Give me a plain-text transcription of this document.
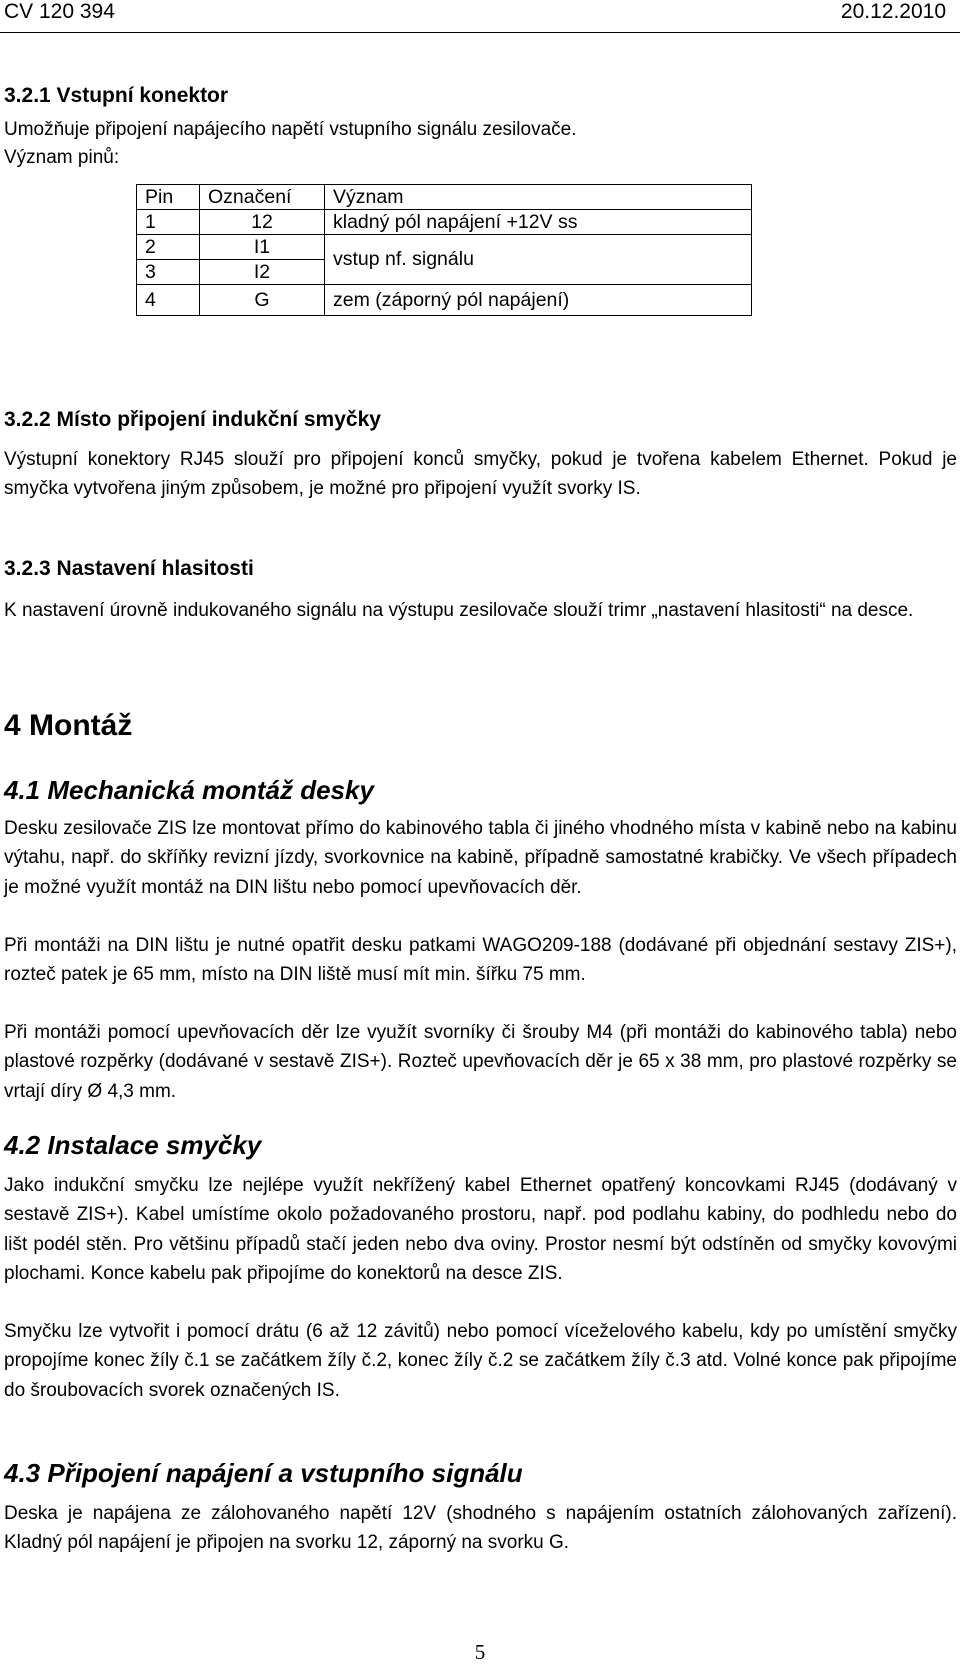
CV 120 394	20.12.2010
3.2.1 Vstupní konektor
Umožňuje připojení napájecího napětí vstupního signálu zesilovače.
Význam pinů:
Pin	Označení	Význam
1	12	kladný pól napájení +12V ss
2	I1	vstup nf. signálu
3	I2	
4	G	zem (záporný pól napájení)
3.2.2 Místo připojení indukční smyčky
Výstupní konektory RJ45 slouží pro připojení konců smyčky, pokud je tvořena kabelem Ethernet. Pokud je smyčka vytvořena jiným způsobem, je možné pro připojení využít svorky IS.
3.2.3 Nastavení hlasitosti
K nastavení úrovně indukovaného signálu na výstupu zesilovače slouží trimr „nastavení hlasitosti“ na desce.
4 Montáž
4.1 Mechanická montáž desky
Desku zesilovače ZIS lze montovat přímo do kabinového tabla či jiného vhodného místa v kabině nebo na kabinu výtahu, např. do skříňky revizní jízdy, svorkovnice na kabině, případně samostatné krabičky. Ve všech případech je možné využít montáž na DIN lištu nebo pomocí upevňovacích děr.
Při montáži na DIN lištu je nutné opatřit desku patkami WAGO209-188 (dodávané při objednání sestavy ZIS+), rozteč patek je 65 mm, místo na DIN liště musí mít min. šířku 75 mm.
Při montáži pomocí upevňovacích děr lze využít svorníky či šrouby M4 (při montáži do kabinového tabla) nebo plastové rozpěrky (dodávané v sestavě ZIS+). Rozteč upevňovacích děr je 65 x 38 mm, pro plastové rozpěrky se vrtají díry Ø 4,3 mm.
4.2 Instalace smyčky
Jako indukční smyčku lze nejlépe využít nekřížený kabel Ethernet opatřený koncovkami RJ45 (dodávaný v sestavě ZIS+). Kabel umístíme okolo požadovaného prostoru, např. pod podlahu kabiny, do podhledu nebo do lišt podél stěn. Pro většinu případů stačí jeden nebo dva oviny. Prostor nesmí být odstíněn od smyčky kovovými plochami. Konce kabelu pak připojíme do konektorů na desce ZIS.
Smyčku lze vytvořit i pomocí drátu (6 až 12 závitů) nebo pomocí víceželového kabelu, kdy po umístění smyčky propojíme konec žíly č.1 se začátkem žíly č.2, konec žíly č.2 se začátkem žíly č.3 atd. Volné konce pak připojíme do šroubovacích svorek označených IS.
4.3 Připojení napájení a vstupního signálu
Deska je napájena ze zálohovaného napětí 12V (shodného s napájením ostatních zálohovaných zařízení). Kladný pól napájení je připojen na svorku 12, záporný na svorku G.
5
